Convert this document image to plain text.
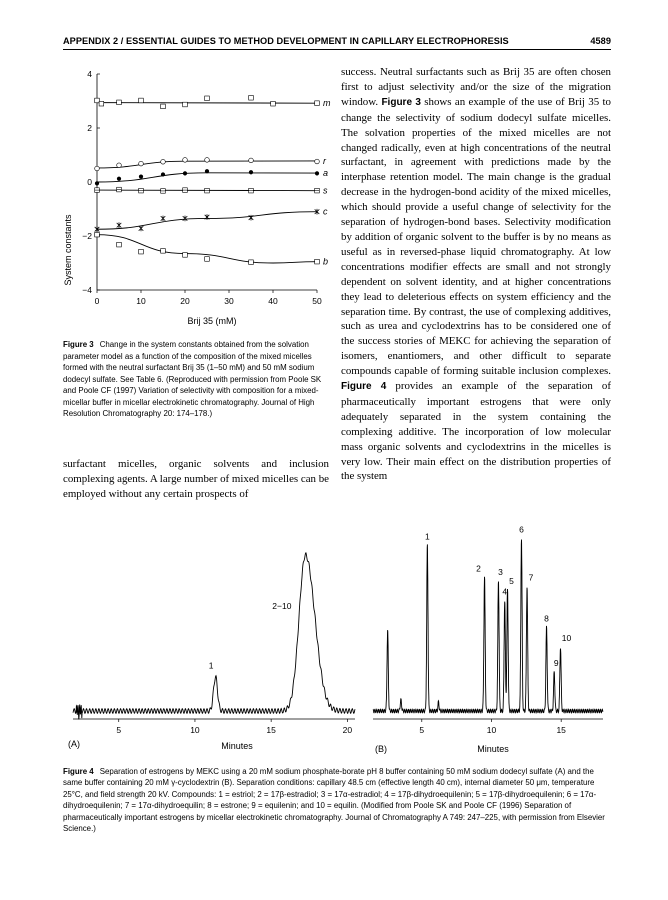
APPENDIX 2 / ESSENTIAL GUIDES TO METHOD DEVELOPMENT IN CAPILLARY ELECTROPHORESIS	4589
System constants
0	10	20	30	40	50
4
2
0
−2
−4
m
r
a
s
c
b
Brij 35 (mM)

Figure 3 Change in the system constants obtained from the solvation parameter model as a function of the composition of the mixed micelles formed with the neutral surfactant Brij 35 (1–50 mM) and 50 mM sodium dodecyl sulfate. See Table 6. (Reproduced with permission from Poole SK and Poole CF (1997) Variation of selectivity with composition for a mixed-micellar buffer in micellar electrokinetic chromatography. Journal of High Resolution Chromatography 20: 174–178.)

surfactant micelles, organic solvents and inclusion complexing agents. A large number of mixed micelles can be employed without any certain prospects of

success. Neutral surfactants such as Brij 35 are often chosen first to adjust selectivity and/or the size of the migration window. Figure 3 shows an example of the use of Brij 35 to change the selectivity of sodium dodecyl sulfate micelles. The solvation properties of the mixed micelles are not changed radically, even at high concentrations of the neutral surfactant, in agreement with predictions made by the interphase retention model. The main change is the gradual decrease in the hydrogen-bond acidity of the mixed micelles, which should provide a useful change of selectivity for the separation of hydrogen-bond bases. Selectivity modification by addition of organic solvent to the buffer is by no means as useful as in reversed-phase liquid chromatography. At low concentrations modifier effects are small and not strongly dependent on solvent identity, and at higher concentrations they lead to deleterious effects on system efficiency and the separation time. By contrast, the use of complexing additives, such as urea and cyclodextrins has to be considered one of the success stories of MEKC for achieving the separation of isomers, enantiomers, and other difficult to separate compounds capable of forming suitable inclusion complexes. Figure 4 provides an example of the separation of pharmaceutically important estrogens that were only adequately separated in the system containing the complexing additive. The incorporation of low molecular mass organic solvents and cyclodextrins in the micelles is very low. Their main effect on the distribution properties of the system

5	10	15	20
1
2−10
5	10	15
1
2 3
4
5
6
7
8
9
10
(A)	Minutes	(B)	Minutes

Figure 4 Separation of estrogens by MEKC using a 20 mM sodium phosphate-borate pH 8 buffer containing 50 mM sodium dodecyl sulfate (A) and the same buffer containing 20 mM γ-cyclodextrin (B). Separation conditions: capillary 48.5 cm (effective length 40 cm), internal diameter 50 μm, temperature 25°C, and field strength 20 kV. Compounds: 1 = estriol; 2 = 17β-estradiol; 3 = 17α-estradiol; 4 = 17β-dihydroequilenin; 5 = 17β-dihydroequilenin; 6 = 17α-dihydroequilenin; 7 = 17α-dihydroequilin; 8 = estrone; 9 = equilenin; and 10 = equilin. (Modified from Poole SK and Poole CF (1996) Separation of pharmaceutically important estrogens by micellar electrokinetic chromatography. Journal of Chromatography A 749: 247–225, with permission from Elsevier Science.)
